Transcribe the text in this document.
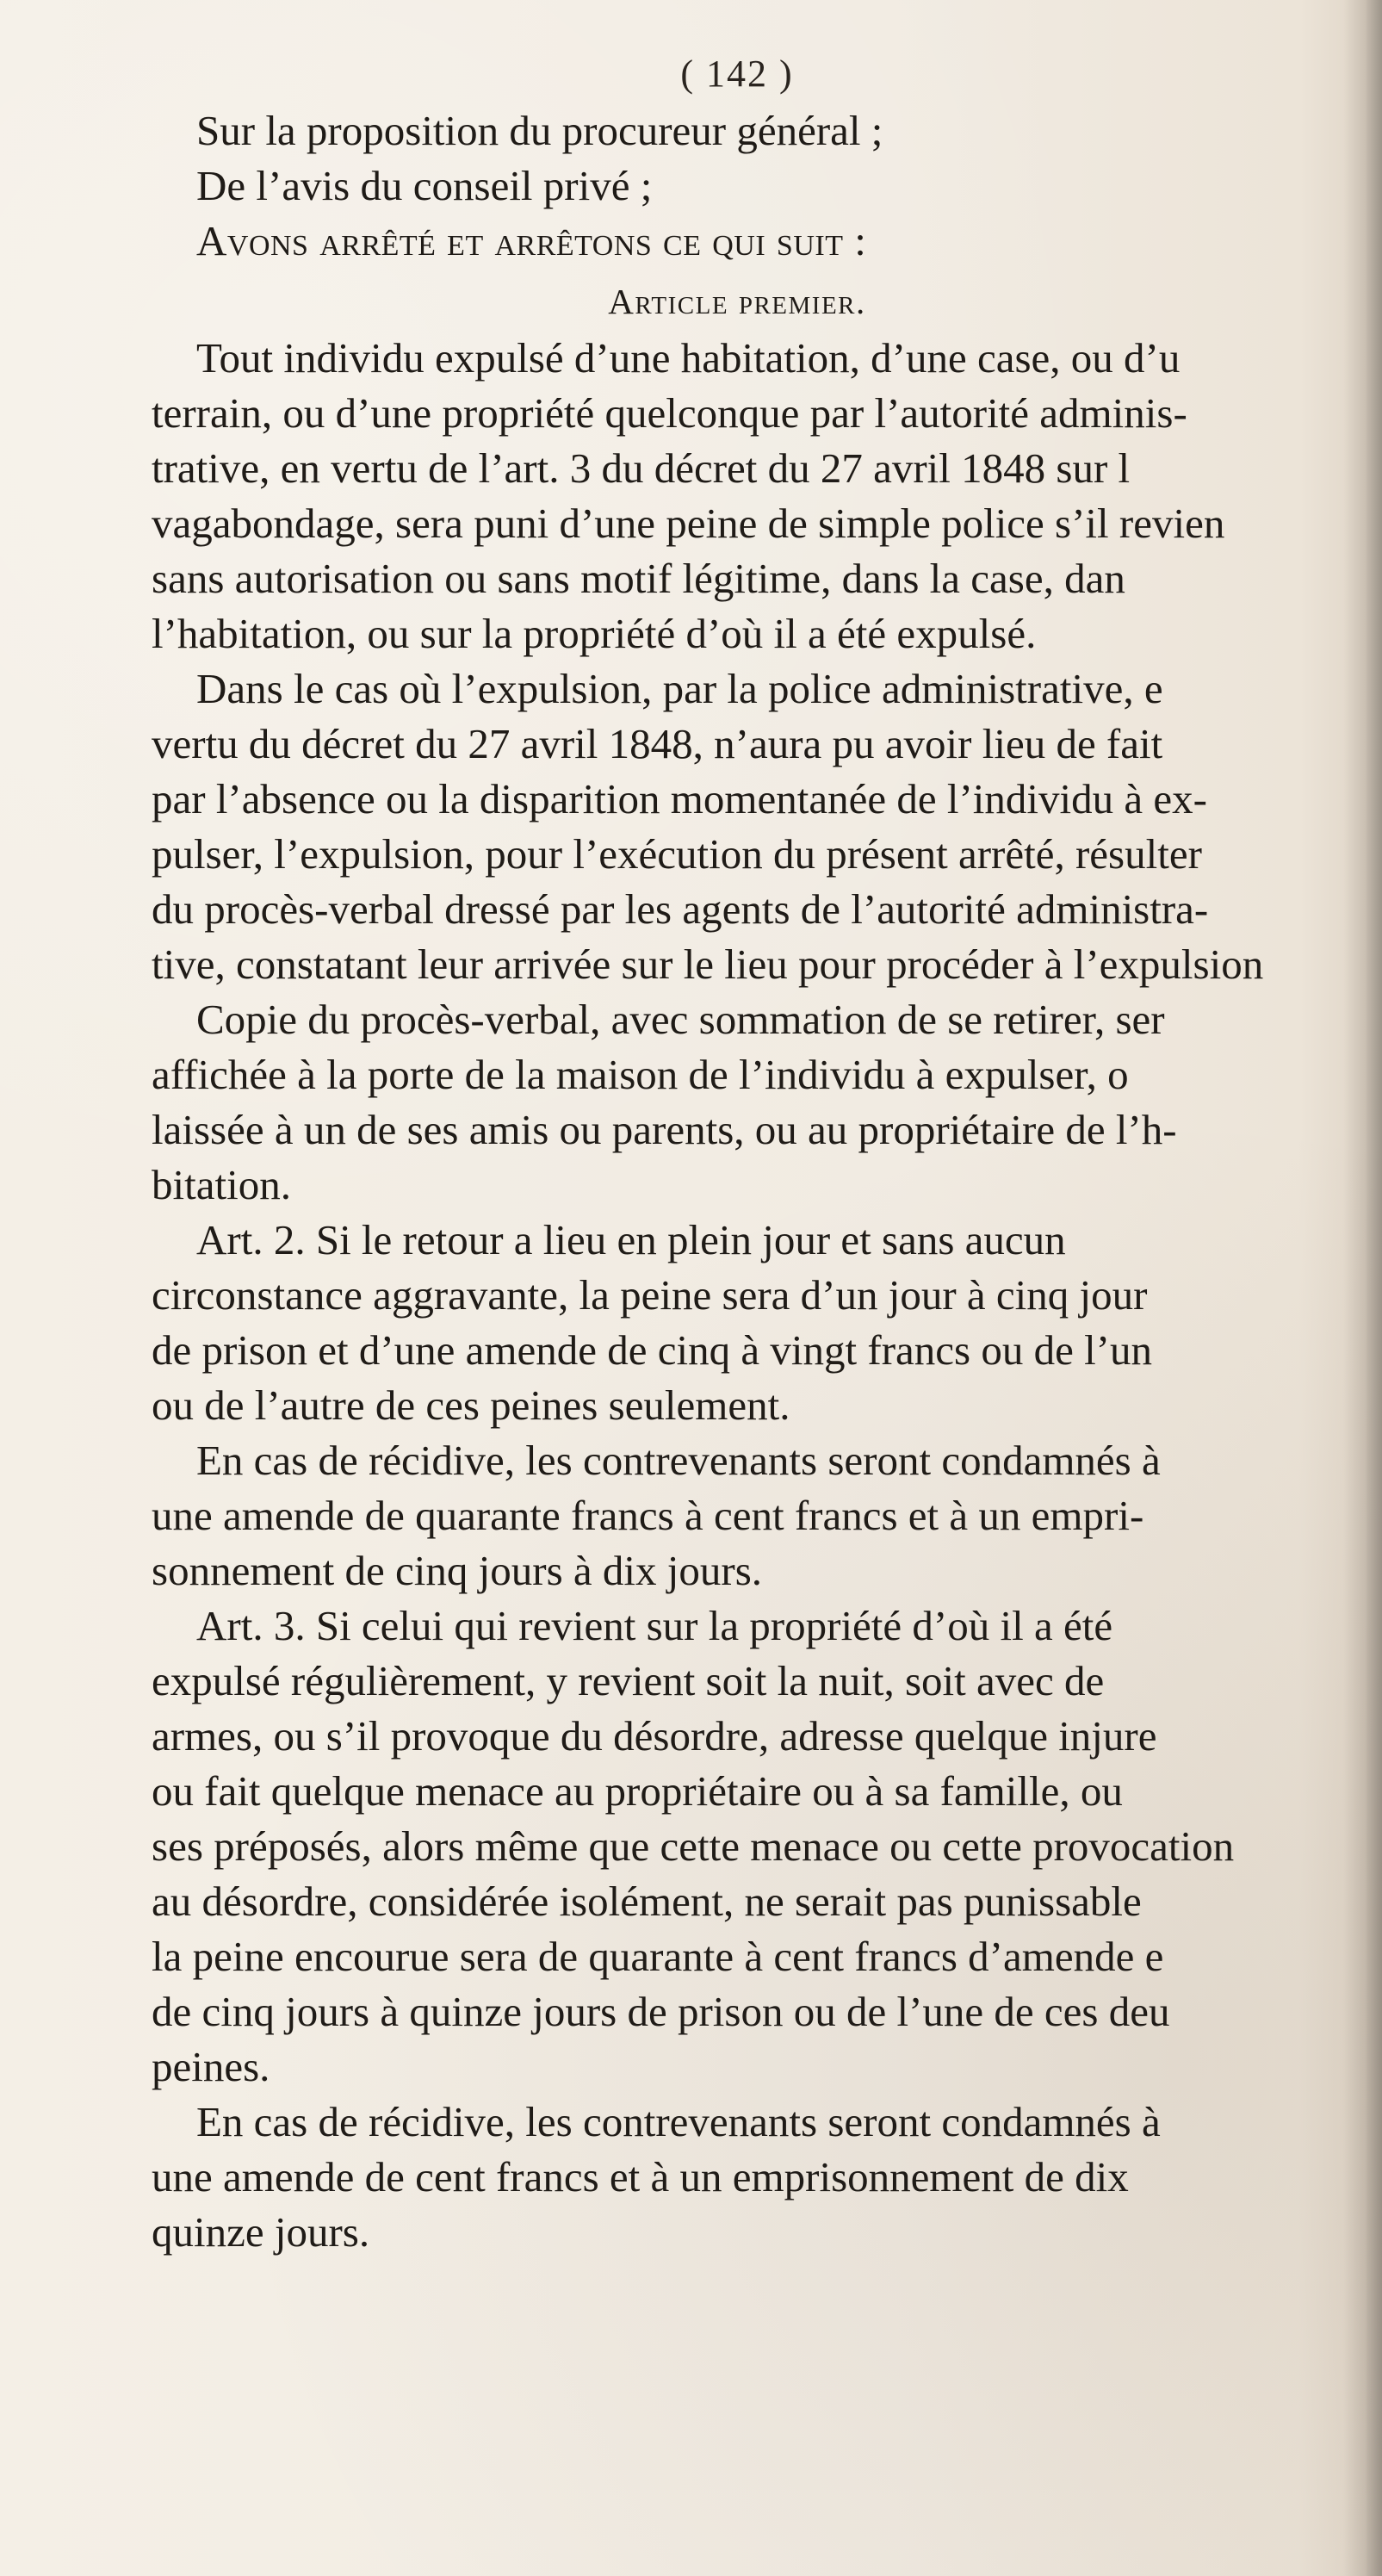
( 142 )
Sur la proposition du procureur général ;
De l’avis du conseil privé ;
Avons arrêté et arrêtons ce qui suit :
Article premier.
Tout individu expulsé d’une habitation, d’une case, ou d’u
terrain, ou d’une propriété quelconque par l’autorité adminis-
trative, en vertu de l’art. 3 du décret du 27 avril 1848 sur l
vagabondage, sera puni d’une peine de simple police s’il revien
sans autorisation ou sans motif légitime, dans la case, dan
l’habitation, ou sur la propriété d’où il a été expulsé.
Dans le cas où l’expulsion, par la police administrative, e
vertu du décret du 27 avril 1848, n’aura pu avoir lieu de fait
par l’absence ou la disparition momentanée de l’individu à ex-
pulser, l’expulsion, pour l’exécution du présent arrêté, résulter
du procès-verbal dressé par les agents de l’autorité administra-
tive, constatant leur arrivée sur le lieu pour procéder à l’expulsion
Copie du procès-verbal, avec sommation de se retirer, ser
affichée à la porte de la maison de l’individu à expulser, o
laissée à un de ses amis ou parents, ou au propriétaire de l’h-
bitation.
Art. 2. Si le retour a lieu en plein jour et sans aucun
circonstance aggravante, la peine sera d’un jour à cinq jour
de prison et d’une amende de cinq à vingt francs ou de l’un
ou de l’autre de ces peines seulement.
En cas de récidive, les contrevenants seront condamnés à
une amende de quarante francs à cent francs et à un empri-
sonnement de cinq jours à dix jours.
Art. 3. Si celui qui revient sur la propriété d’où il a été
expulsé régulièrement, y revient soit la nuit, soit avec de
armes, ou s’il provoque du désordre, adresse quelque injure
ou fait quelque menace au propriétaire ou à sa famille, ou
ses préposés, alors même que cette menace ou cette provocation
au désordre, considérée isolément, ne serait pas punissable
la peine encourue sera de quarante à cent francs d’amende e
de cinq jours à quinze jours de prison ou de l’une de ces deu
peines.
En cas de récidive, les contrevenants seront condamnés à
une amende de cent francs et à un emprisonnement de dix
quinze jours.
